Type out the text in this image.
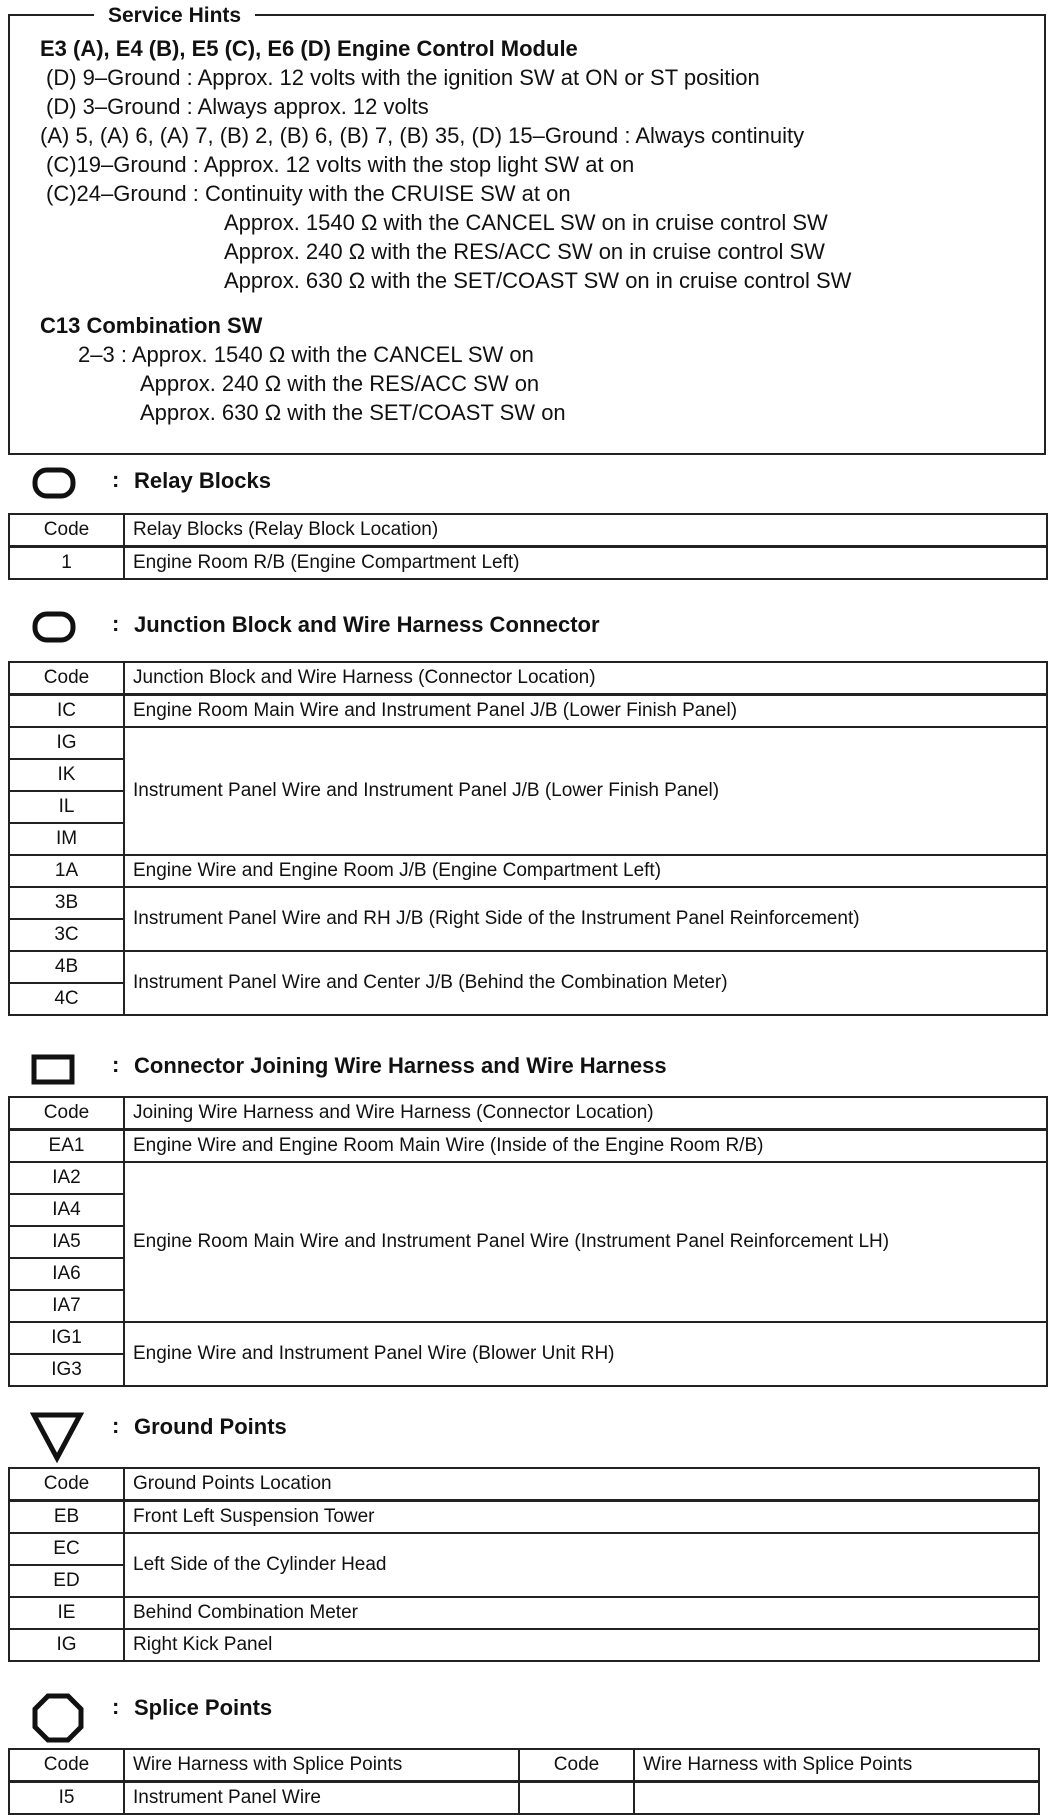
Service Hints
E3 (A), E4 (B), E5 (C), E6 (D) Engine Control Module
(D) 9–Ground : Approx. 12 volts with the ignition SW at ON or ST position
(D) 3–Ground : Always approx. 12 volts
(A) 5, (A) 6, (A) 7, (B) 2, (B) 6, (B) 7, (B) 35, (D) 15–Ground : Always continuity
(C)19–Ground : Approx. 12 volts with the stop light SW at on
(C)24–Ground : Continuity with the CRUISE SW at on
Approx. 1540 Ω with the CANCEL SW on in cruise control SW
Approx. 240 Ω with the RES/ACC SW on in cruise control SW
Approx. 630 Ω with the SET/COAST SW on in cruise control SW
C13 Combination SW
2–3 : Approx. 1540 Ω with the CANCEL SW on
Approx. 240 Ω with the RES/ACC SW on
Approx. 630 Ω with the SET/COAST SW on
: Relay Blocks
Code	Relay Blocks (Relay Block Location)
1	Engine Room R/B (Engine Compartment Left)
: Junction Block and Wire Harness Connector
Code	Junction Block and Wire Harness (Connector Location)
IC	Engine Room Main Wire and Instrument Panel J/B (Lower Finish Panel)
IG	Instrument Panel Wire and Instrument Panel J/B (Lower Finish Panel)
IK	
IL	
IM	
1A	Engine Wire and Engine Room J/B (Engine Compartment Left)
3B	Instrument Panel Wire and RH J/B (Right Side of the Instrument Panel Reinforcement)
3C	
4B	Instrument Panel Wire and Center J/B (Behind the Combination Meter)
4C	
: Connector Joining Wire Harness and Wire Harness
Code	Joining Wire Harness and Wire Harness (Connector Location)
EA1	Engine Wire and Engine Room Main Wire (Inside of the Engine Room R/B)
IA2	Engine Room Main Wire and Instrument Panel Wire (Instrument Panel Reinforcement LH)
IA4	
IA5	
IA6	
IA7	
IG1	Engine Wire and Instrument Panel Wire (Blower Unit RH)
IG3	
: Ground Points
Code	Ground Points Location
EB	Front Left Suspension Tower
EC	Left Side of the Cylinder Head
ED	
IE	Behind Combination Meter
IG	Right Kick Panel
: Splice Points
Code	Wire Harness with Splice Points	Code	Wire Harness with Splice Points
I5	Instrument Panel Wire		
